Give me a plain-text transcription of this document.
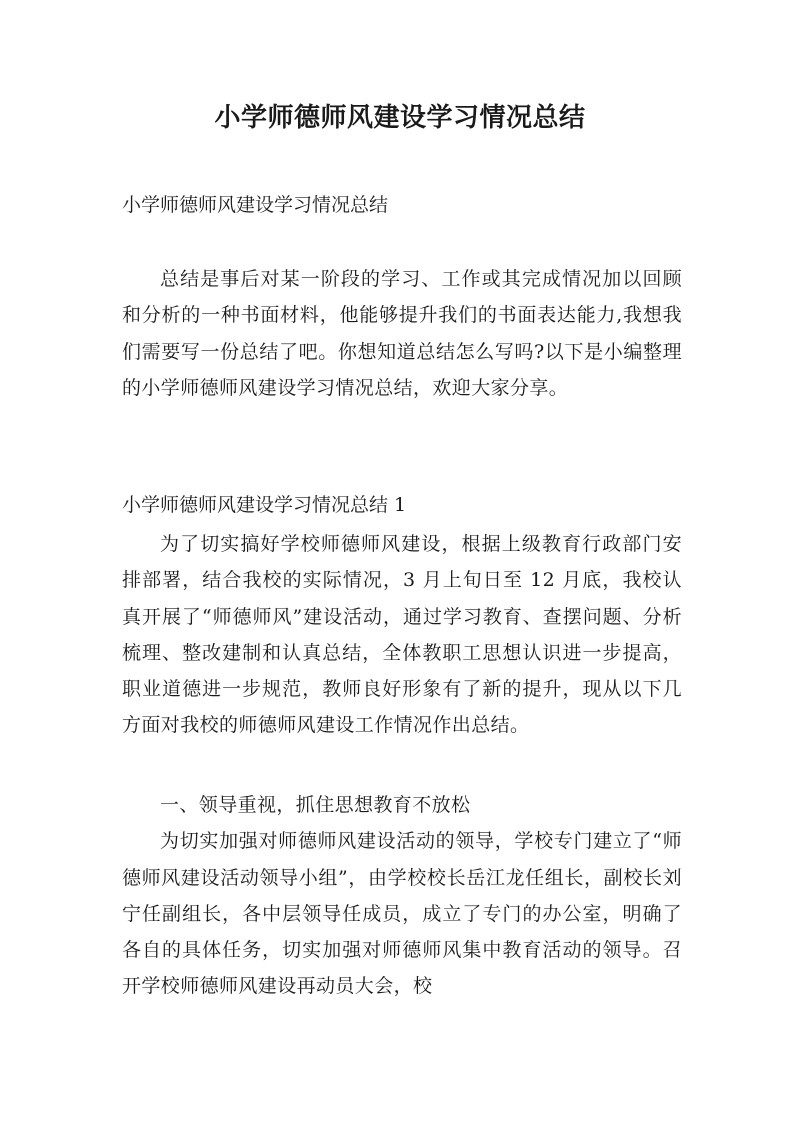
小学师德师风建设学习情况总结
小学师德师风建设学习情况总结
总结是事后对某一阶段的学习、工作或其完成情况加以回顾和分析的一种书面材料，他能够提升我们的书面表达能力,我想我们需要写一份总结了吧。你想知道总结怎么写吗?以下是小编整理的小学师德师风建设学习情况总结，欢迎大家分享。
小学师德师风建设学习情况总结 1
为了切实搞好学校师德师风建设，根据上级教育行政部门安排部署，结合我校的实际情况，3 月上旬日至 12 月底，我校认真开展了“师德师风”建设活动，通过学习教育、查摆问题、分析梳理、整改建制和认真总结，全体教职工思想认识进一步提高，职业道德进一步规范，教师良好形象有了新的提升，现从以下几方面对我校的师德师风建设工作情况作出总结。
一、领导重视，抓住思想教育不放松
为切实加强对师德师风建设活动的领导，学校专门建立了“师德师风建设活动领导小组”，由学校校长岳江龙任组长，副校长刘宁任副组长，各中层领导任成员，成立了专门的办公室，明确了各自的具体任务，切实加强对师德师风集中教育活动的领导。召开学校师德师风建设再动员大会，校
